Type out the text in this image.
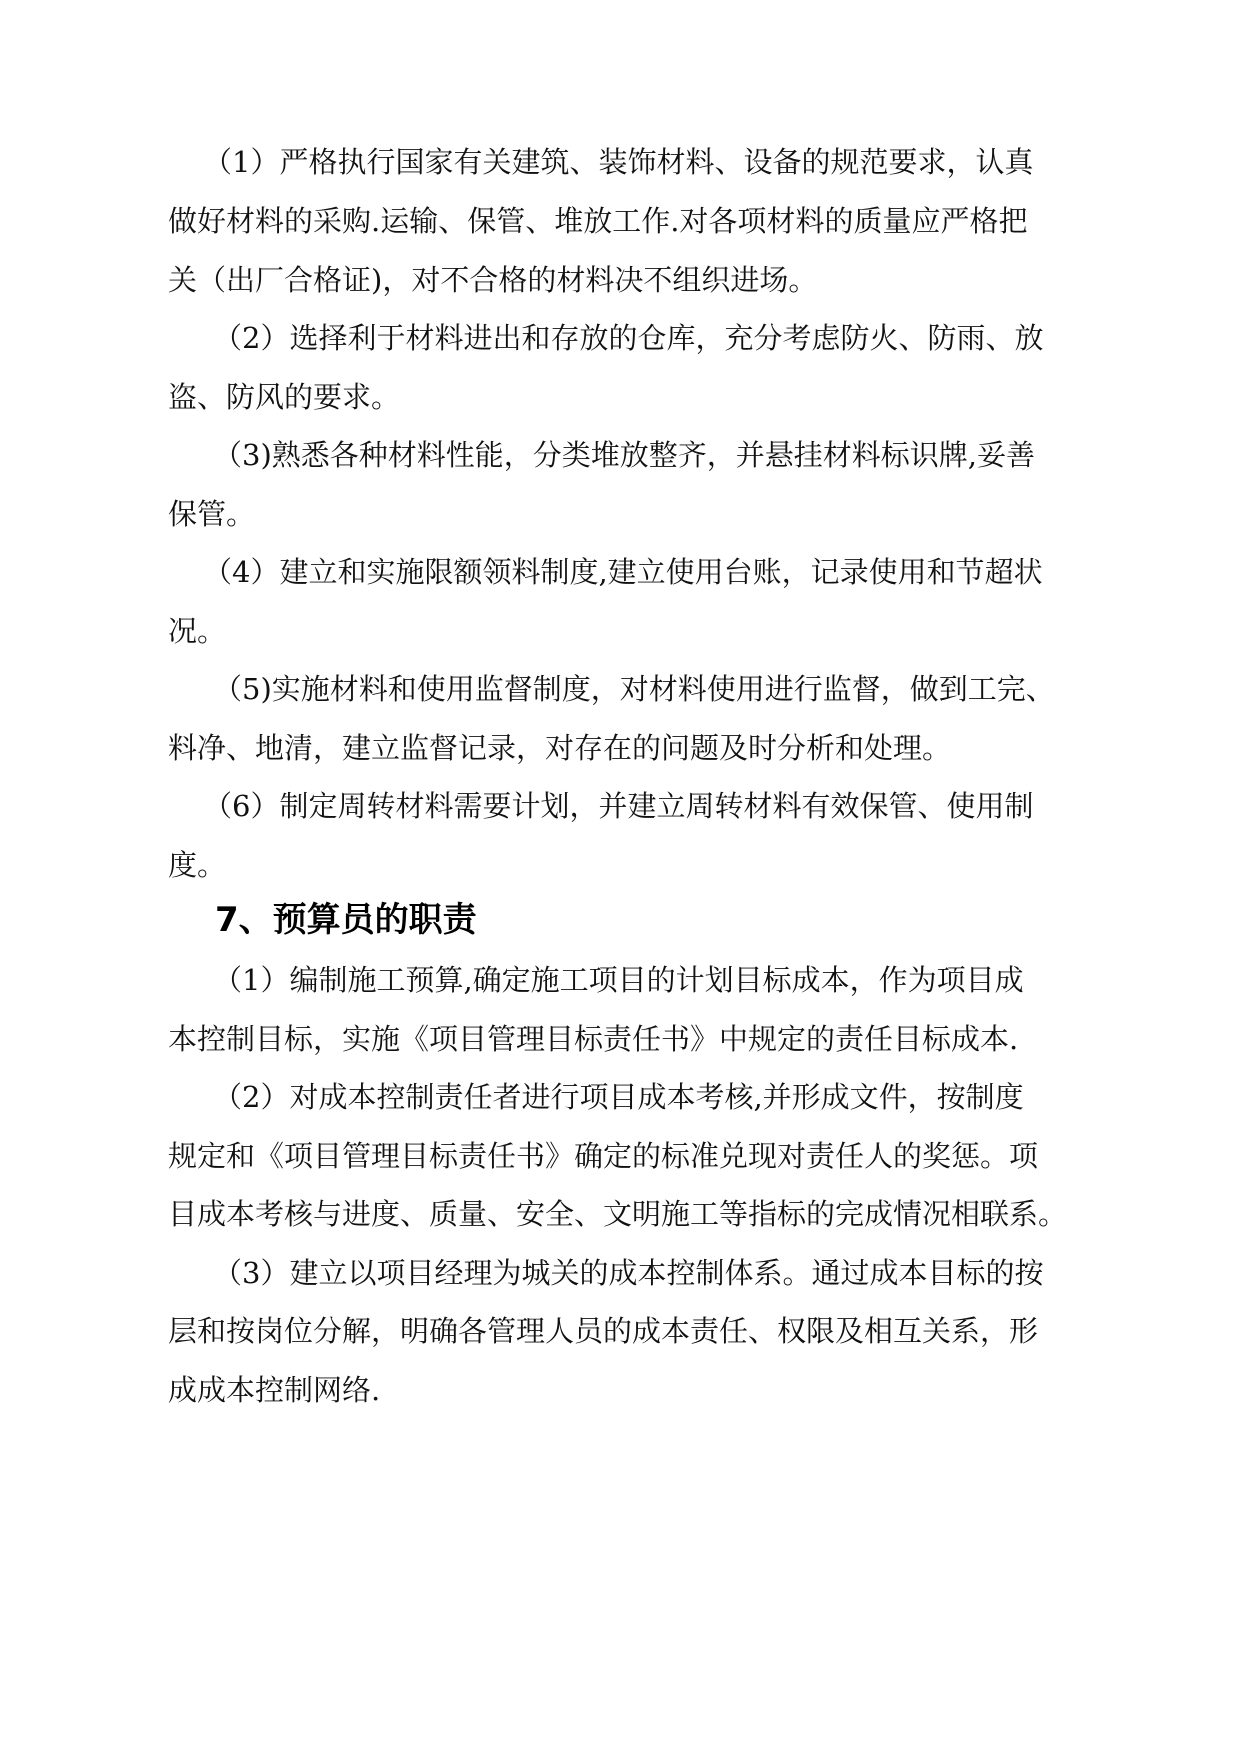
（1）严格执行国家有关建筑、装饰材料、设备的规范要求，认真
做好材料的采购.运输、保管、堆放工作.对各项材料的质量应严格把
关（出厂合格证)，对不合格的材料决不组织进场。
（2）选择利于材料进出和存放的仓库，充分考虑防火、防雨、放
盗、防风的要求。
（3)熟悉各种材料性能，分类堆放整齐，并悬挂材料标识牌,妥善
保管。
（4）建立和实施限额领料制度,建立使用台账，记录使用和节超状
况。
（5)实施材料和使用监督制度，对材料使用进行监督，做到工完、
料净、地清，建立监督记录，对存在的问题及时分析和处理。
（6）制定周转材料需要计划，并建立周转材料有效保管、使用制
度。
7、预算员的职责
（1）编制施工预算,确定施工项目的计划目标成本，作为项目成
本控制目标，实施《项目管理目标责任书》中规定的责任目标成本.
（2）对成本控制责任者进行项目成本考核,并形成文件，按制度
规定和《项目管理目标责任书》确定的标准兑现对责任人的奖惩。项
目成本考核与进度、质量、安全、文明施工等指标的完成情况相联系。
（3）建立以项目经理为城关的成本控制体系。通过成本目标的按
层和按岗位分解，明确各管理人员的成本责任、权限及相互关系，形
成成本控制网络.
